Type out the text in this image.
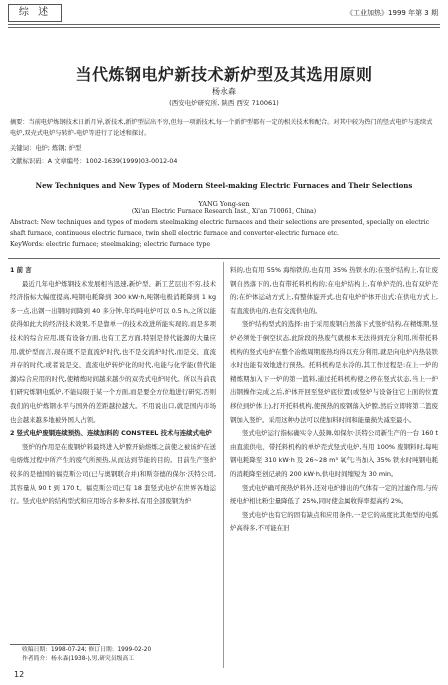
综 述	《工业加热》1999 年第 3 期
当代炼钢电炉新技术新炉型及其选用原则
杨永森
(西安电炉研究所, 陕西 西安 710061)
摘要：当前电炉炼钢技术日新月异,新技术,新炉型层出不穷,但每一项新技术,每一个新炉型都有一定的相关技术和配合。对其中较为热门的竖式电炉与连续式电炉,双壳式电炉与转炉-电炉等进行了论述和探讨。
关键词：电炉; 炼钢; 炉型
文献标识码：A 文章编号：1002-1639(1999)03-0012-04
New Techniques and New Types of Modern Steel-making Electric Furnaces and Their Selections
YANG Yong-sen
(Xi'an Electric Furnace Research Inst., Xi'an 710061, China)
Abstract: New techniques and types of modern steelmaking electric furnaces and their selections are presented, specially on electric shaft furnace, continuous electric furnace, twin shell electric furnace and converter-electric furnace etc.
KeyWords: electric furnace; steelmaking; electric furnace type
1 前 言
最近几年电炉炼钢技术发展相当迅速,新炉型、新工艺层出不穷,技术经济指标大幅度提高,吨钢电耗降到 300 kW·h,吨钢电极消耗降到 1 kg 多一点,出钢一出钢时间降到 40 多分钟,年均吨电炉可以 0.5 h,之所以能获得如此大的经济技术效果,不是靠单一的技术改进所能实现的,而是多项技术的综合应用,既有设备方面,也有工艺方面,特别是替代能源的大量应用,就炉型而言,现在既不是直流炉时代,也不是交流炉时代,而是交、直流并存的时代,或者说是交、直流电炉转炉化的时代,电能与化学能(替代能源)综合应用的时代,使精炼时间越来越少的双壳式电炉时代。所以当前我们研究炼钢电弧炉,不能局限于某一个方面,而是要全方位地进行研究,否则我们的电炉炼钢水平与国外的差距越拉越大。不用说出口,就是国内市场也会越来越多地被外国人占领。
2 竖式电炉废钢连续预热、连续加料的 CONSTEEL 技术与连续式电炉
竖炉的作用是在废钢炉料最终进入炉膛开始熔炼之前使之被该炉在送电熔炼过程中所产生的废气所预热,从而达到节能的目的。目前生产竖炉较多的是德国的福克斯公司(已与奥钢联合并)和斯奈德的保尔·沃特公司,其容量从 90 t 到 170 t。福克斯公司已有 18 套竖式电炉在世界各地运行。竖式电炉的结构型式和应用场合多种多样,有用全部废钢为炉
料的,也有用 55% 海绵铁的,也有用 35% 热铁水的;在竖炉结构上,有让废钢自然落下的,也有带托料机构的;在电炉结构上,有单炉壳的,也有双炉壳的;在炉体运动方式上,有整体旋开式,也有电炉炉体开出式;在供电方式上,有直流供电的,也有交流供电的。
竖炉结构型式的选择:由于采用废钢自然落下式竖炉结构,在精炼期,竖炉必须处于倒空状态,此阶段的热废气就根本无法得到充分利用,所带托料机构的竖式电炉在整个冶炼周期废热均得以充分利用,就是向电炉内热装铁水时也能有效地进行预热。托料机构是水冷的,其工作过程是:在上一炉的精炼期加入下一炉的第一篮料,通过托料机构使之停在竖式状态,当上一炉出钢操作完成之后,炉体开回至竖炉底位置(或竖炉与设备往它上面的位置移位到炉体上),打开托料机构,使预热的废钢落入炉膛,然后立即将第二篮废钢加入竖炉。采用这种办法可以使加料时间和能量损失减至最小。
竖式电炉运行指标确实令人鼓舞,如保尔·沃特公司新生产的一台 160 t 由直流供电、带托料机构的单炉壳式竖式电炉,当用 100% 废钢料时,每吨钢电耗降至 310 kW·h 及 26~28 m³ 氧气;当加入 35% 铁水时吨钢电耗的消耗降至创记录的 200 kW·h,供电时间缩短为 30 min。
竖式电炉确可预热炉料外,还对电炉排出的气体有一定的过滤作用,与传统电炉相比粉尘量降低了 25%,同时使金属收得率提高约 2%。
竖式电炉也有它的固有缺点和应用条件,一是它的高度比其他型的电弧炉高得多,不可能在旧
收稿日期：1998-07-24; 修订日期：1999-02-20
作者简介：杨永森(1938-),男,研究员级高工
12
